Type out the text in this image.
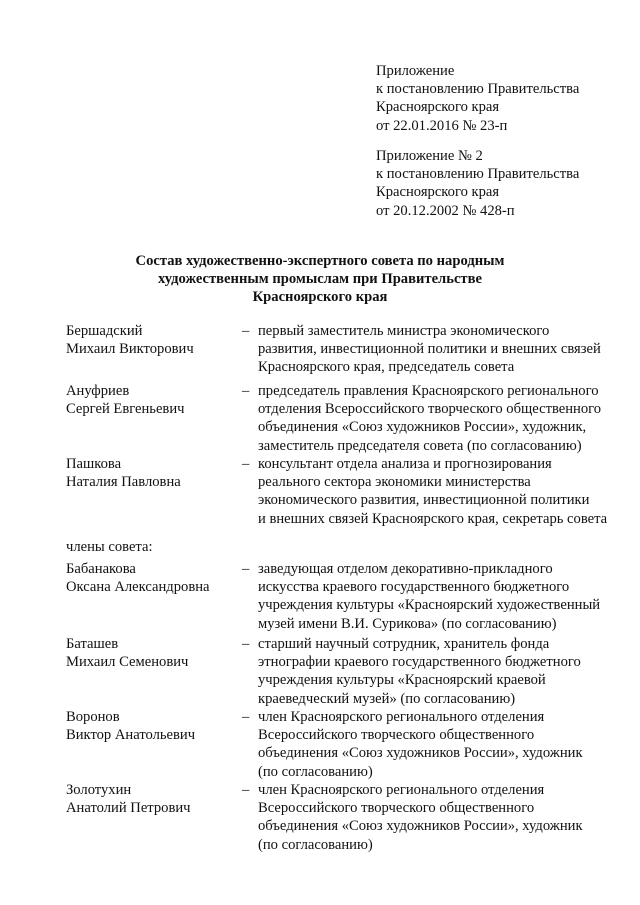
Приложение
к постановлению Правительства
Красноярского края
от 22.01.2016 № 23-п
Приложение № 2
к постановлению Правительства
Красноярского края
от 20.12.2002 № 428-п
Состав художественно-экспертного совета по народным
художественным промыслам при Правительстве
Красноярского края
Бершадский
Михаил Викторович
– первый заместитель министра экономического
развития, инвестиционной политики и внешних связей
Красноярского края, председатель совета
Ануфриев
Сергей Евгеньевич
– председатель правления Красноярского регионального
отделения Всероссийского творческого общественного
объединения «Союз художников России», художник,
заместитель председателя совета (по согласованию)
Пашкова
Наталия Павловна
– консультант отдела анализа и прогнозирования
реального сектора экономики министерства
экономического развития, инвестиционной политики
и внешних связей Красноярского края, секретарь совета
члены совета:
Бабанакова
Оксана Александровна
– заведующая отделом декоративно-прикладного
искусства краевого государственного бюджетного
учреждения культуры «Красноярский художественный
музей имени В.И. Сурикова» (по согласованию)
Баташев
Михаил Семенович
– старший научный сотрудник, хранитель фонда
этнографии краевого государственного бюджетного
учреждения культуры «Красноярский краевой
краеведческий музей» (по согласованию)
Воронов
Виктор Анатольевич
– член Красноярского регионального отделения
Всероссийского творческого общественного
объединения «Союз художников России», художник
(по согласованию)
Золотухин
Анатолий Петрович
– член Красноярского регионального отделения
Всероссийского творческого общественного
объединения «Союз художников России», художник
(по согласованию)
